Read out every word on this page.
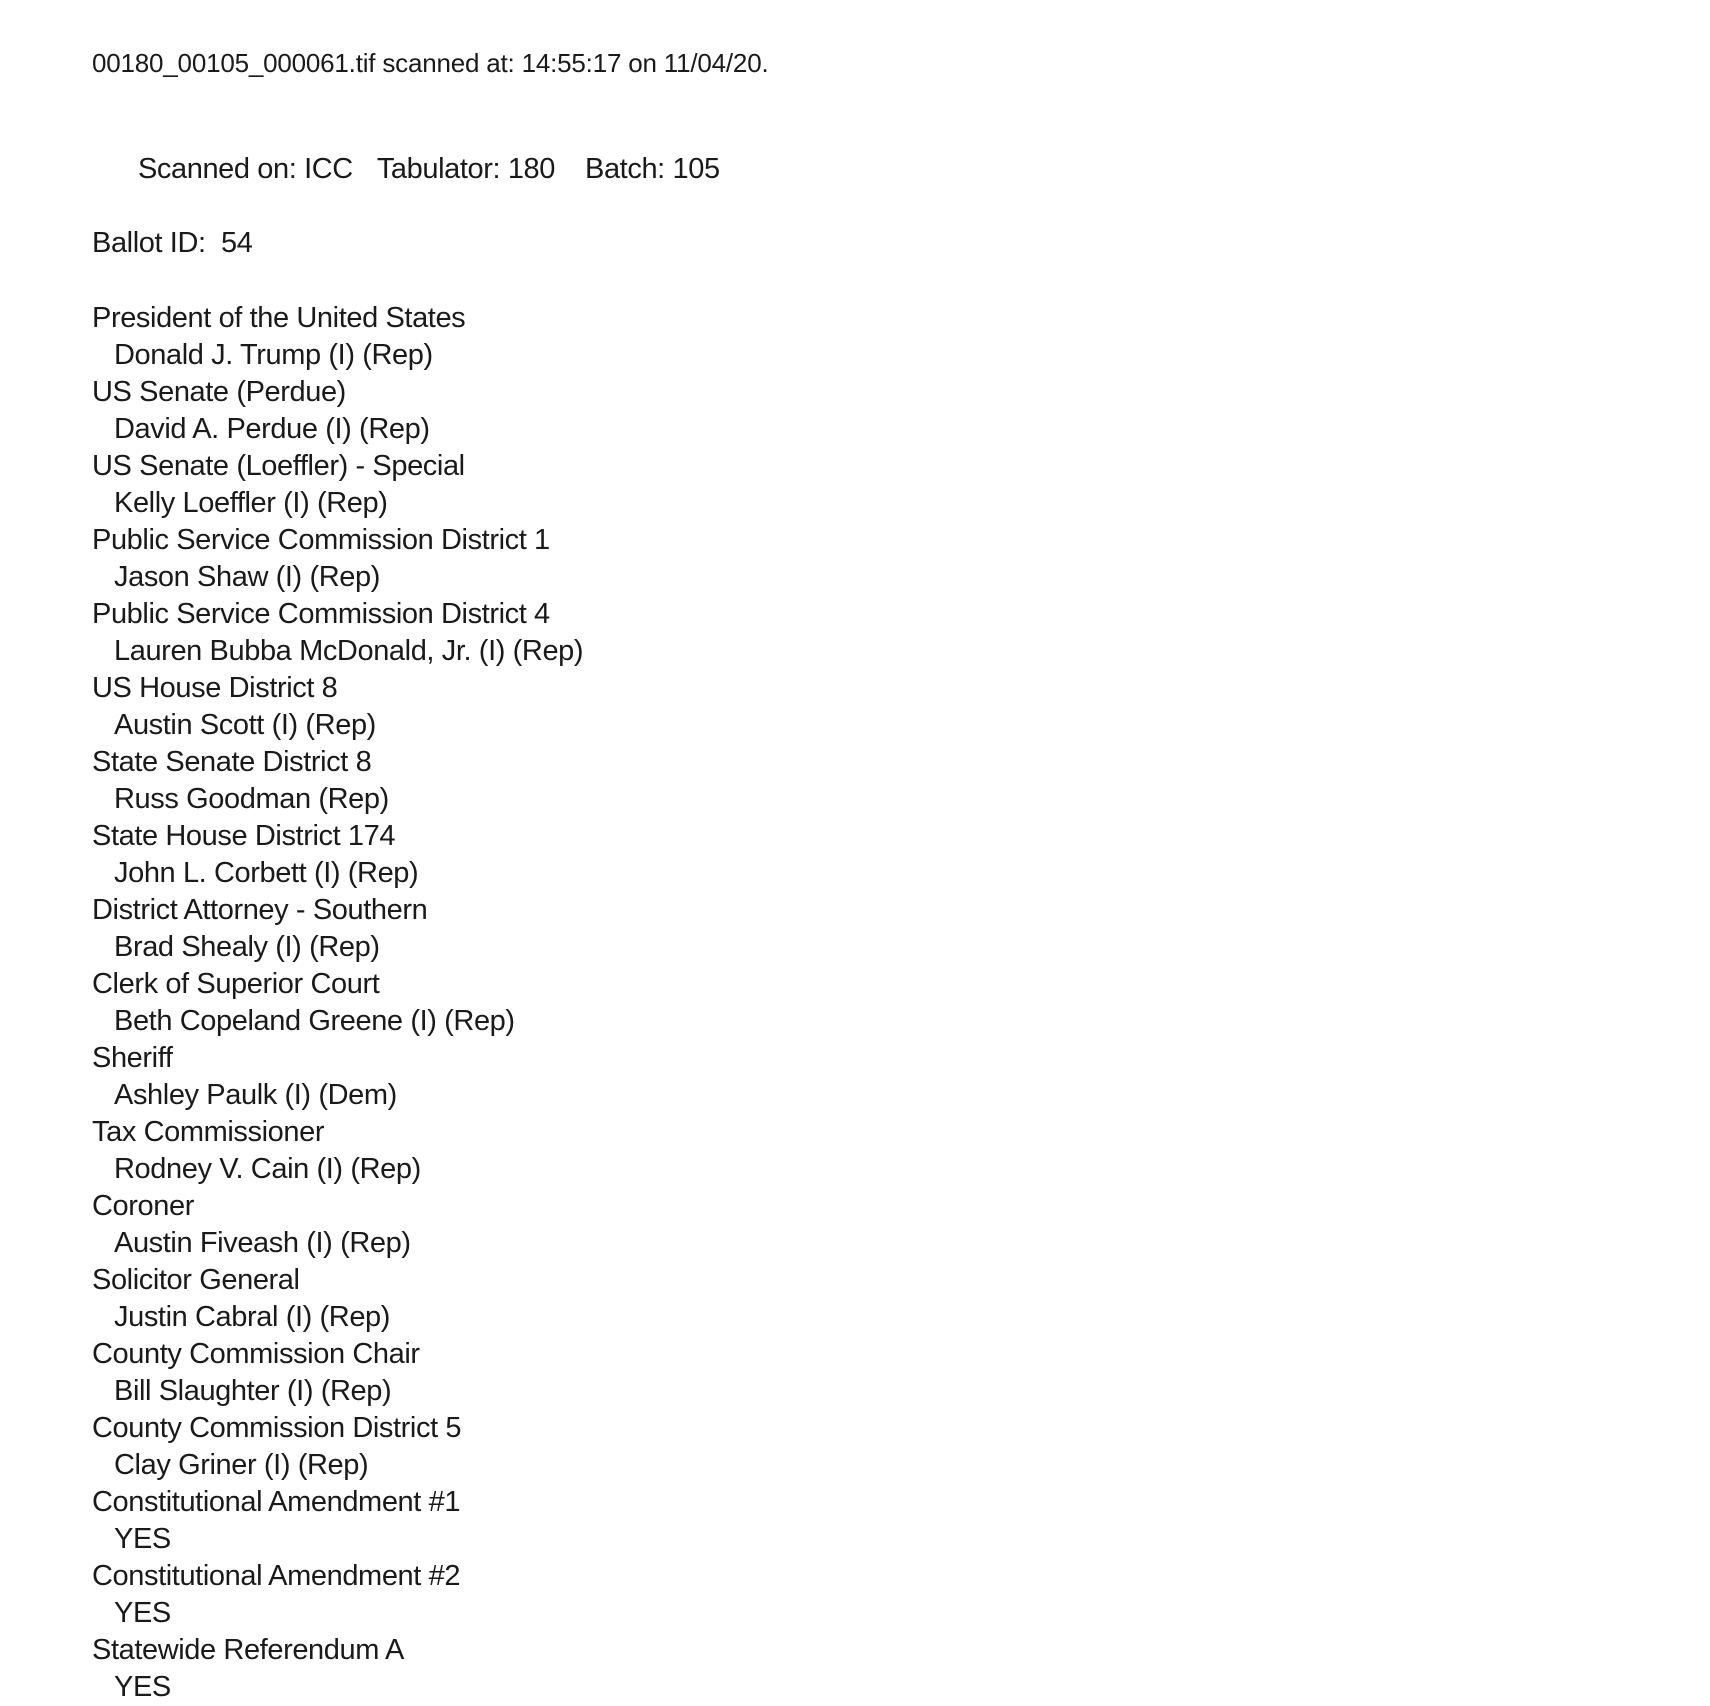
00180_00105_000061.tif scanned at: 14:55:17 on 11/04/20.

Scanned on: ICC Tabulator: 180 Batch: 105

Ballot ID:  54
President of the United States
Donald J. Trump (I) (Rep)
US Senate (Perdue)
David A. Perdue (I) (Rep)
US Senate (Loeffler) - Special
Kelly Loeffler (I) (Rep)
Public Service Commission District 1
Jason Shaw (I) (Rep)
Public Service Commission District 4
Lauren Bubba McDonald, Jr. (I) (Rep)
US House District 8
Austin Scott (I) (Rep)
State Senate District 8
Russ Goodman (Rep)
State House District 174
John L. Corbett (I) (Rep)
District Attorney - Southern
Brad Shealy (I) (Rep)
Clerk of Superior Court
Beth Copeland Greene (I) (Rep)
Sheriff
Ashley Paulk (I) (Dem)
Tax Commissioner
Rodney V. Cain (I) (Rep)
Coroner
Austin Fiveash (I) (Rep)
Solicitor General
Justin Cabral (I) (Rep)
County Commission Chair
Bill Slaughter (I) (Rep)
County Commission District 5
Clay Griner (I) (Rep)
Constitutional Amendment #1
YES
Constitutional Amendment #2
YES
Statewide Referendum A
YES
